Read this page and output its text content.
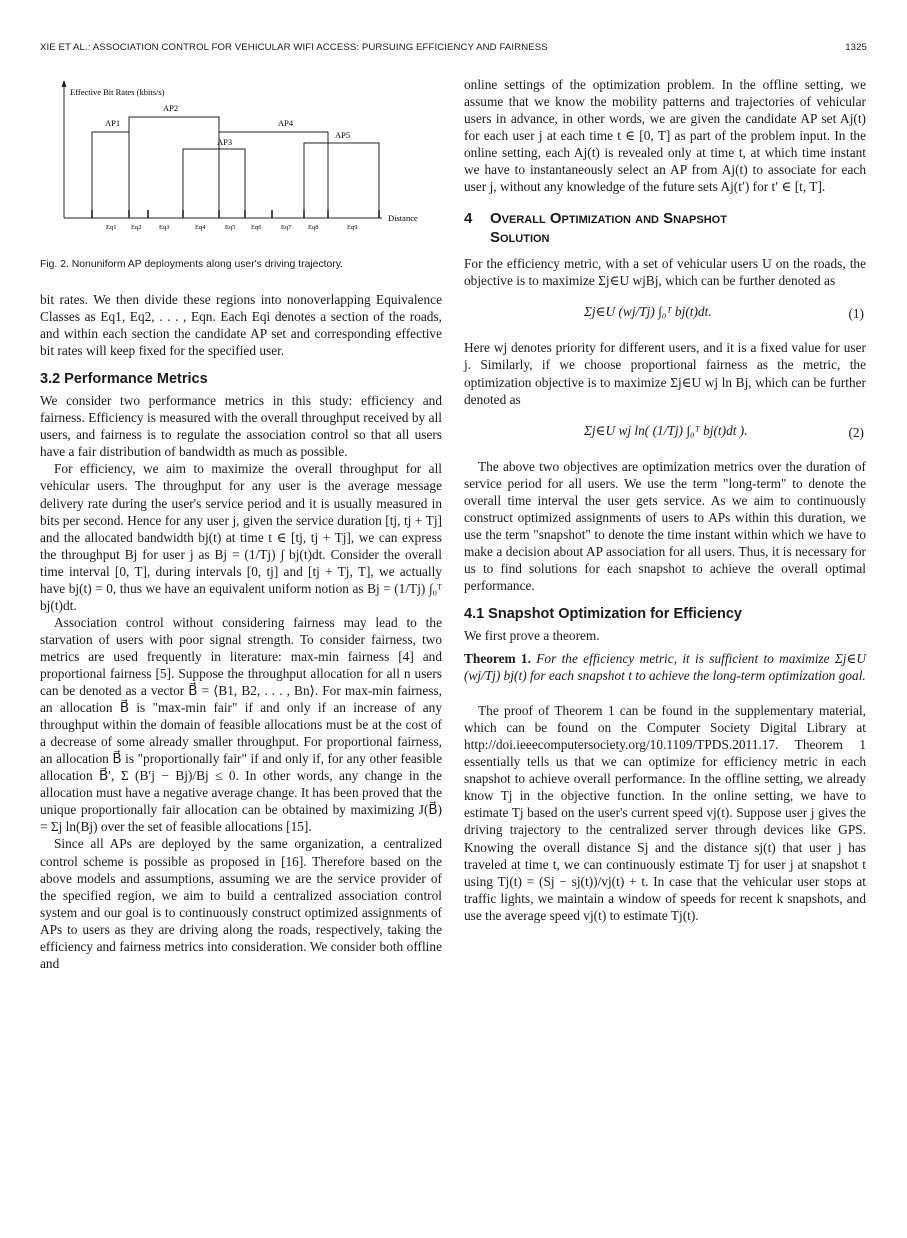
XIE ET AL.: ASSOCIATION CONTROL FOR VEHICULAR WIFI ACCESS: PURSUING EFFICIENCY AND FAIRNESS	1325
Effective Bit Rates (kbits/s)
Distance
AP1
AP2
AP3
AP4
AP5
Eq1 Eq2	Eq3	Eq4	Eq5 Eq6	Eq7	Eq8	Eq9
Fig. 2. Nonuniform AP deployments along user's driving trajectory.

bit rates. We then divide these regions into nonoverlapping Equivalence Classes as Eq1, Eq2, . . . , Eqn. Each Eqi denotes a section of the roads, and within each section the candidate AP set and corresponding effective bit rates will keep fixed for the specified user.

3.2 Performance Metrics

We consider two performance metrics in this study: efficiency and fairness. Efficiency is measured with the overall throughput received by all users, and fairness is to regulate the association control so that all users have a fair distribution of bandwidth as much as possible.

For efficiency, we aim to maximize the overall throughput for all vehicular users. The throughput for any user is the average message delivery rate during the user's service period and it is usually measured in bits per second. Hence for any user j, given the service duration [tj, tj + Tj] and the allocated bandwidth bj(t) at time t ∈ [tj, tj + Tj], we can express the throughput Bj for user j as Bj = (1/Tj) ∫ bj(t)dt. Consider the overall time interval [0, T], during intervals [0, tj] and [tj + Tj, T], we actually have bj(t) = 0, thus we have an equivalent uniform notion as Bj = (1/Tj) ∫₀ᵀ bj(t)dt.

Association control without considering fairness may lead to the starvation of users with poor signal strength. To consider fairness, two metrics are used frequently in literature: max-min fairness [4] and proportional fairness [5]. Suppose the throughput allocation for all n users can be denoted as a vector B⃗ = ⟨B1, B2, . . . , Bn⟩. For max-min fairness, an allocation B⃗ is "max-min fair" if and only if an increase of any throughput within the domain of feasible allocations must be at the cost of a decrease of some already smaller throughput. For proportional fairness, an allocation B⃗ is "proportionally fair" if and only if, for any other feasible allocation B⃗′, Σ (B′j − Bj)/Bj ≤ 0. In other words, any change in the allocation must have a negative average change. It has been proved that the unique proportionally fair allocation can be obtained by maximizing J(B⃗) = Σj ln(Bj) over the set of feasible allocations [15].

Since all APs are deployed by the same organization, a centralized control scheme is possible as proposed in [16]. Therefore based on the above models and assumptions, assuming we are the service provider of the specified region, we aim to build a centralized association control system and our goal is to continuously construct optimized assignments of APs to users as they are driving along the roads, respectively, taking the efficiency and fairness metrics into consideration. We consider both offline and

online settings of the optimization problem. In the offline setting, we assume that we know the mobility patterns and trajectories of vehicular users in advance, in other words, we are given the candidate AP set Aj(t) for each user j at each time t ∈ [0, T] as part of the problem input. In the online setting, each Aj(t) is revealed only at time t, at which time instant we have to instantaneously select an AP from Aj(t) to associate for each user j, without any knowledge of the future sets Aj(t′) for t′ ∈ [t, T].

4 Overall Optimization and Snapshot
Solution

For the efficiency metric, with a set of vehicular users U on the roads, the objective is to maximize Σj∈U wjBj, which can be further denoted as

Σj∈U (wj/Tj) ∫₀ᵀ bj(t)dt.	(1)

Here wj denotes priority for different users, and it is a fixed value for user j. Similarly, if we choose proportional fairness as the metric, the optimization objective is to maximize Σj∈U wj ln Bj, which can be further denoted as

Σj∈U wj ln( (1/Tj) ∫₀ᵀ bj(t)dt ).	(2)

The above two objectives are optimization metrics over the duration of service period for all users. We use the term "long-term" to denote the overall time interval the user gets service. As we aim to continuously construct optimized assignments of users to APs within this duration, we use the term "snapshot" to denote the time instant within which we have to make a decision about AP association for all users. Thus, it is necessary for us to find solutions for each snapshot to achieve the overall optimal performance.

4.1 Snapshot Optimization for Efficiency

We first prove a theorem.

Theorem 1. For the efficiency metric, it is sufficient to maximize Σj∈U (wj/Tj) bj(t) for each snapshot t to achieve the long-term optimization goal.

The proof of Theorem 1 can be found in the supplementary material, which can be found on the Computer Society Digital Library at http://doi.ieeecomputersociety.org/10.1109/TPDS.2011.17. Theorem 1 essentially tells us that we can optimize for efficiency metric in each snapshot to achieve overall performance. In the offline setting, we already know Tj in the objective function. In the online setting, we have to estimate Tj based on the user's current speed vj(t). Suppose user j gives the driving trajectory to the centralized server through devices like GPS. Knowing the overall distance Sj and the distance sj(t) that user j has traveled at time t, we can continuously estimate Tj for user j at snapshot t using Tj(t) = (Sj − sj(t))/vj(t) + t. In case that the vehicular user stops at traffic lights, we maintain a window of speeds for recent k snapshots, and use the average speed vj(t) to estimate Tj(t).
